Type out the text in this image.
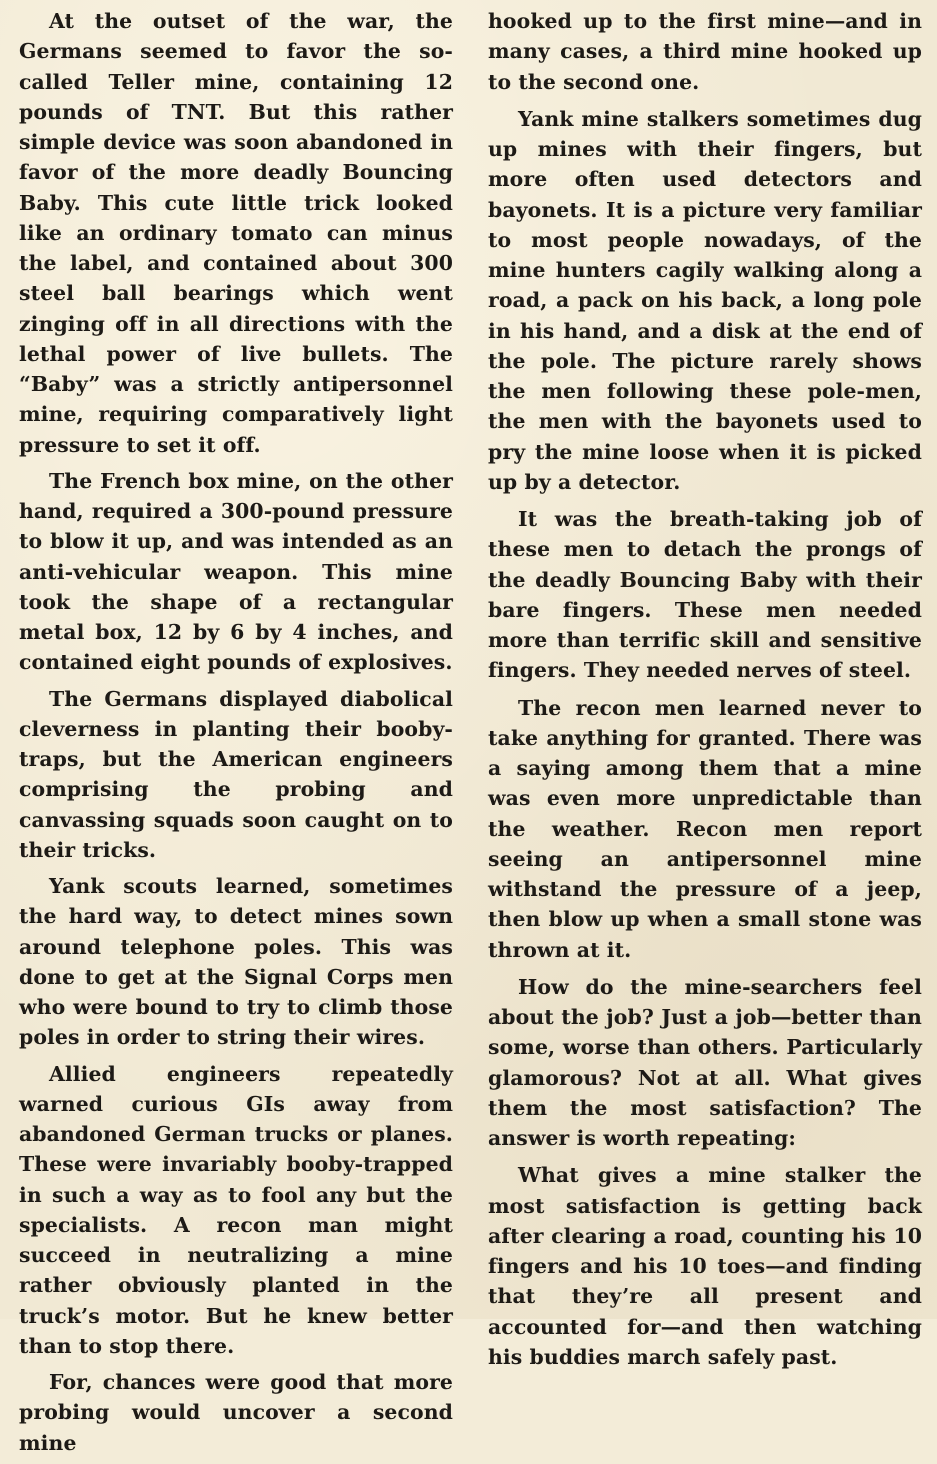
At the outset of the war, the Germans seemed to favor the so-called Teller mine, containing 12 pounds of TNT. But this rather simple device was soon abandoned in favor of the more deadly Bouncing Baby. This cute little trick looked like an ordinary tomato can minus the label, and contained about 300 steel ball bearings which went zinging off in all directions with the lethal power of live bullets. The “Baby” was a strictly antipersonnel mine, requiring comparatively light pressure to set it off.

The French box mine, on the other hand, required a 300-pound pressure to blow it up, and was intended as an anti-vehicular weapon. This mine took the shape of a rectangular metal box, 12 by 6 by 4 inches, and contained eight pounds of explosives.

The Germans displayed diabolical cleverness in planting their booby-traps, but the American engineers comprising the probing and canvassing squads soon caught on to their tricks.

Yank scouts learned, sometimes the hard way, to detect mines sown around telephone poles. This was done to get at the Signal Corps men who were bound to try to climb those poles in order to string their wires.

Allied engineers repeatedly warned curious GIs away from abandoned German trucks or planes. These were invariably booby-trapped in such a way as to fool any but the specialists. A recon man might succeed in neutralizing a mine rather obviously planted in the truck’s motor. But he knew better than to stop there.

For, chances were good that more probing would uncover a second mine

hooked up to the first mine—and in many cases, a third mine hooked up to the second one.

Yank mine stalkers sometimes dug up mines with their fingers, but more often used detectors and bayonets. It is a picture very familiar to most people nowadays, of the mine hunters cagily walking along a road, a pack on his back, a long pole in his hand, and a disk at the end of the pole. The picture rarely shows the men following these pole-men, the men with the bayonets used to pry the mine loose when it is picked up by a detector.

It was the breath-taking job of these men to detach the prongs of the deadly Bouncing Baby with their bare fingers. These men needed more than terrific skill and sensitive fingers. They needed nerves of steel.

The recon men learned never to take anything for granted. There was a saying among them that a mine was even more unpredictable than the weather. Recon men report seeing an antipersonnel mine withstand the pressure of a jeep, then blow up when a small stone was thrown at it.

How do the mine-searchers feel about the job? Just a job—better than some, worse than others. Particularly glamorous? Not at all. What gives them the most satisfaction? The answer is worth repeating:

What gives a mine stalker the most satisfaction is getting back after clearing a road, counting his 10 fingers and his 10 toes—and finding that they’re all present and accounted for—and then watching his buddies march safely past.
